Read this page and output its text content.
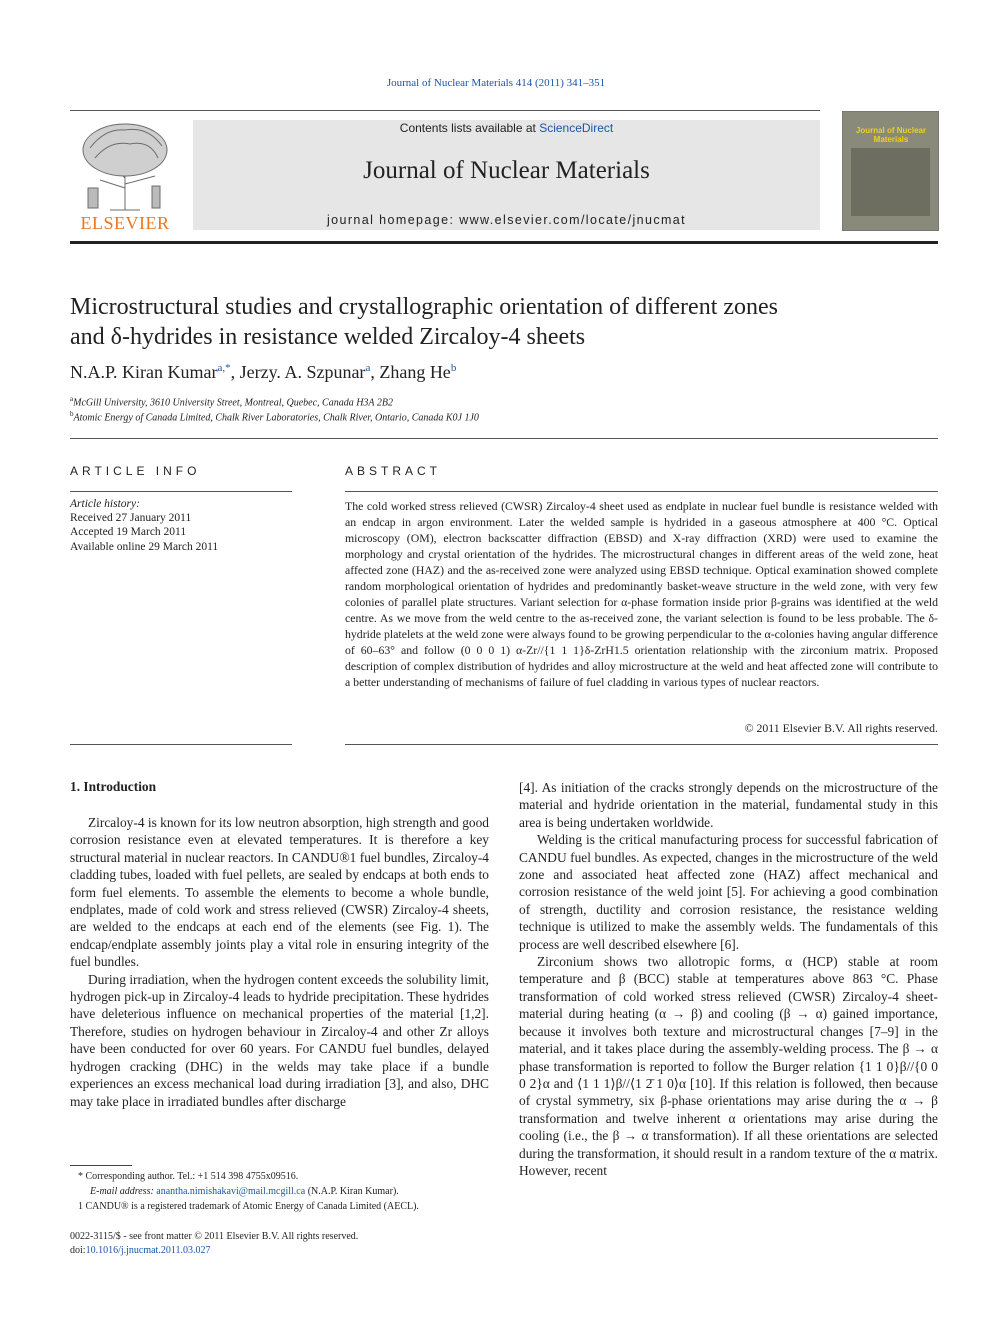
Journal of Nuclear Materials 414 (2011) 341–351
ELSEVIER
Contents lists available at ScienceDirect
Journal of Nuclear Materials
journal homepage: www.elsevier.com/locate/jnucmat
Journal of Nuclear Materials
Microstructural studies and crystallographic orientation of different zones
and δ-hydrides in resistance welded Zircaloy-4 sheets
N.A.P. Kiran Kumar$^{a,*}$, Jerzy. A. Szpunar$^a$, Zhang He$^b$
$^a$McGill University, 3610 University Street, Montreal, Quebec, Canada H3A 2B2
$^b$Atomic Energy of Canada Limited, Chalk River Laboratories, Chalk River, Ontario, Canada K0J 1J0
ARTICLE INFO
Article history:
Received 27 January 2011
Accepted 19 March 2011
Available online 29 March 2011
ABSTRACT
The cold worked stress relieved (CWSR) Zircaloy-4 sheet used as endplate in nuclear fuel bundle is resistance welded with an endcap in argon environment. Later the welded sample is hydrided in a gaseous atmosphere at 400 °C. Optical microscopy (OM), electron backscatter diffraction (EBSD) and X-ray diffraction (XRD) were used to examine the morphology and crystal orientation of the hydrides. The microstructural changes in different areas of the weld zone, heat affected zone (HAZ) and the as-received zone were analyzed using EBSD technique. Optical examination showed complete random morphological orientation of hydrides and predominantly basket-weave structure in the weld zone, with very few colonies of parallel plate structures. Variant selection for α-phase formation inside prior β-grains was identified at the weld centre. As we move from the weld centre to the as-received zone, the variant selection is found to be less probable. The δ-hydride platelets at the weld zone were always found to be growing perpendicular to the α-colonies having angular difference of 60–63° and follow (0 0 0 1) α-Zr//{1 1 1}δ-ZrH1.5 orientation relationship with the zirconium matrix. Proposed description of complex distribution of hydrides and alloy microstructure at the weld and heat affected zone will contribute to a better understanding of mechanisms of failure of fuel cladding in various types of nuclear reactors.
© 2011 Elsevier B.V. All rights reserved.
1. Introduction

Zircaloy-4 is known for its low neutron absorption, high strength and good corrosion resistance even at elevated temperatures. It is therefore a key structural material in nuclear reactors. In CANDU®1 fuel bundles, Zircaloy-4 cladding tubes, loaded with fuel pellets, are sealed by endcaps at both ends to form fuel elements. To assemble the elements to become a whole bundle, endplates, made of cold work and stress relieved (CWSR) Zircaloy-4 sheets, are welded to the endcaps at each end of the elements (see Fig. 1). The endcap/endplate assembly joints play a vital role in ensuring integrity of the fuel bundles.

During irradiation, when the hydrogen content exceeds the solubility limit, hydrogen pick-up in Zircaloy-4 leads to hydride precipitation. These hydrides have deleterious influence on mechanical properties of the material [1,2]. Therefore, studies on hydrogen behaviour in Zircaloy-4 and other Zr alloys have been conducted for over 60 years. For CANDU fuel bundles, delayed hydrogen cracking (DHC) in the welds may take place if a bundle experiences an excess mechanical load during irradiation [3], and also, DHC may take place in irradiated bundles after discharge

[4]. As initiation of the cracks strongly depends on the microstructure of the material and hydride orientation in the material, fundamental study in this area is being undertaken worldwide.

Welding is the critical manufacturing process for successful fabrication of CANDU fuel bundles. As expected, changes in the microstructure of the weld zone and associated heat affected zone (HAZ) affect mechanical and corrosion resistance of the weld joint [5]. For achieving a good combination of strength, ductility and corrosion resistance, the resistance welding technique is utilized to make the assembly welds. The fundamentals of this process are well described elsewhere [6].

Zirconium shows two allotropic forms, α (HCP) stable at room temperature and β (BCC) stable at temperatures above 863 °C. Phase transformation of cold worked stress relieved (CWSR) Zircaloy-4 sheet-material during heating (α → β) and cooling (β → α) gained importance, because it involves both texture and microstructural changes [7–9] in the material, and it takes place during the assembly-welding process. The β → α phase transformation is reported to follow the Burger relation {1 1 0}β//{0 0 0 2}α and ⟨1 1 1⟩β//⟨1 2̄ 1 0⟩α [10]. If this relation is followed, then because of crystal symmetry, six β-phase orientations may arise during the α → β transformation and twelve inherent α orientations may arise during the cooling (i.e., the β → α transformation). If all these orientations are selected during the transformation, it should result in a random texture of the α matrix. However, recent

* Corresponding author. Tel.: +1 514 398 4755x09516.
E-mail address: anantha.nimishakavi@mail.mcgill.ca (N.A.P. Kiran Kumar).
1 CANDU® is a registered trademark of Atomic Energy of Canada Limited (AECL).
0022-3115/$ - see front matter © 2011 Elsevier B.V. All rights reserved.
doi:10.1016/j.jnucmat.2011.03.027
